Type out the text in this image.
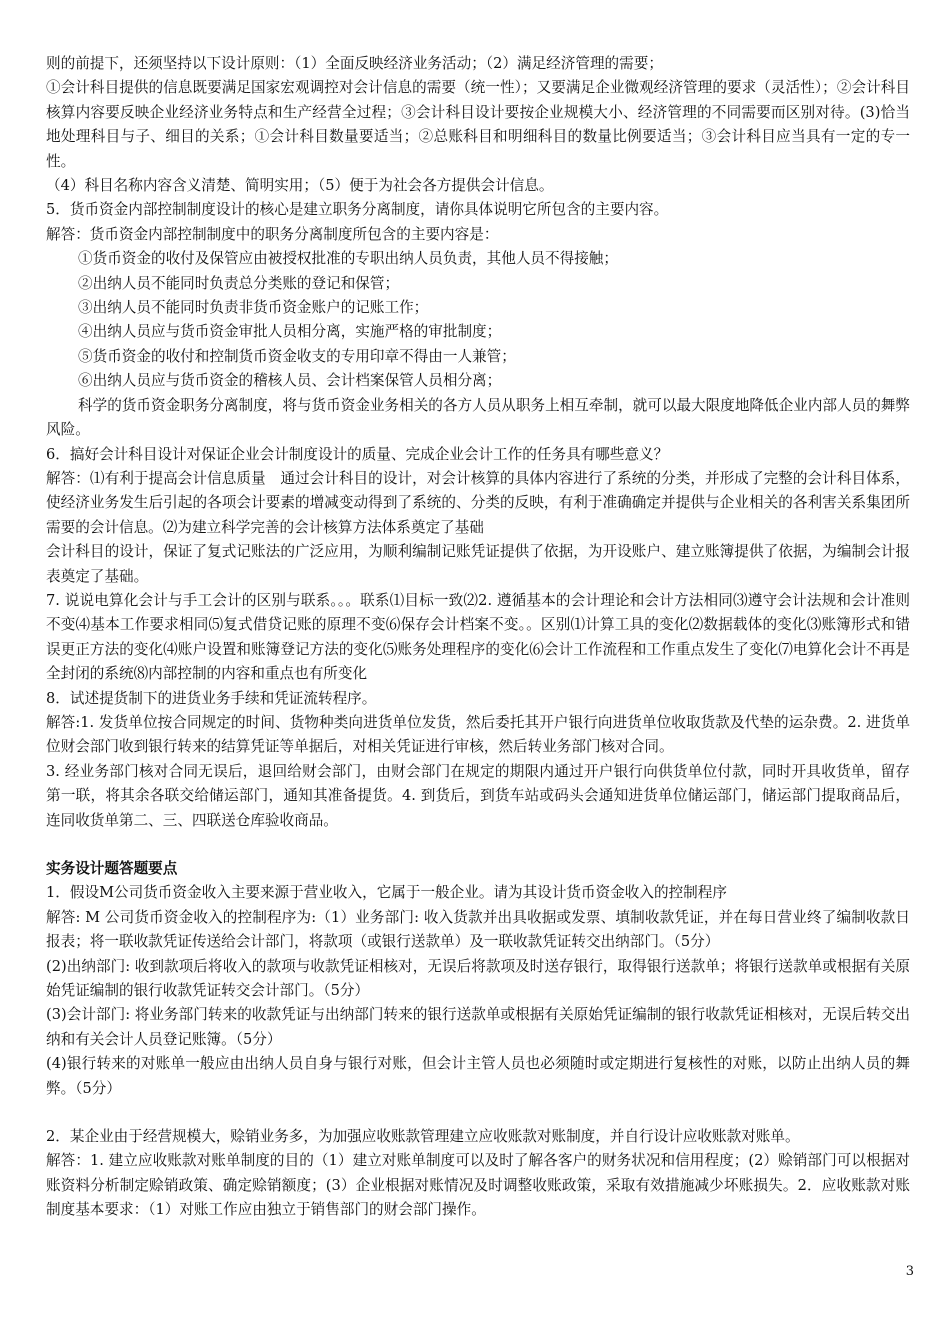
则的前提下，还须坚持以下设计原则：（1）全面反映经济业务活动；（2）满足经济管理的需要；

①会计科目提供的信息既要满足国家宏观调控对会计信息的需要（统一性）；又要满足企业微观经济管理的要求（灵活性）；②会计科目核算内容要反映企业经济业务特点和生产经营全过程；③会计科目设计要按企业规模大小、经济管理的不同需要而区别对待。(3)恰当地处理科目与子、细目的关系；①会计科目数量要适当；②总账科目和明细科目的数量比例要适当；③会计科目应当具有一定的专一性。

（4）科目名称内容含义清楚、简明实用；（5）便于为社会各方提供会计信息。

5．货币资金内部控制制度设计的核心是建立职务分离制度，请你具体说明它所包含的主要内容。

解答：货币资金内部控制制度中的职务分离制度所包含的主要内容是：

①货币资金的收付及保管应由被授权批准的专职出纳人员负责，其他人员不得接触；

②出纳人员不能同时负责总分类账的登记和保管；

③出纳人员不能同时负责非货币资金账户的记账工作；

④出纳人员应与货币资金审批人员相分离，实施严格的审批制度；

⑤货币资金的收付和控制货币资金收支的专用印章不得由一人兼管；

⑥出纳人员应与货币资金的稽核人员、会计档案保管人员相分离；

科学的货币资金职务分离制度，将与货币资金业务相关的各方人员从职务上相互牵制，就可以最大限度地降低企业内部人员的舞弊风险。

6．搞好会计科目设计对保证企业会计制度设计的质量、完成企业会计工作的任务具有哪些意义？

解答：⑴有利于提高会计信息质量　通过会计科目的设计，对会计核算的具体内容进行了系统的分类，并形成了完整的会计科目体系，使经济业务发生后引起的各项会计要素的增减变动得到了系统的、分类的反映，有利于准确确定并提供与企业相关的各利害关系集团所需要的会计信息。⑵为建立科学完善的会计核算方法体系奠定了基础

会计科目的设计，保证了复式记账法的广泛应用，为顺利编制记账凭证提供了依据，为开设账户、建立账簿提供了依据，为编制会计报表奠定了基础。

7. 说说电算化会计与手工会计的区别与联系。。。联系⑴目标一致⑵2. 遵循基本的会计理论和会计方法相同⑶遵守会计法规和会计准则不变⑷基本工作要求相同⑸复式借贷记账的原理不变⑹保存会计档案不变。。区别⑴计算工具的变化⑵数据载体的变化⑶账簿形式和错误更正方法的变化⑷账户设置和账簿登记方法的变化⑸账务处理程序的变化⑹会计工作流程和工作重点发生了变化⑺电算化会计不再是全封闭的系统⑻内部控制的内容和重点也有所变化

8．试述提货制下的进货业务手续和凭证流转程序。

解答:1. 发货单位按合同规定的时间、货物种类向进货单位发货，然后委托其开户银行向进货单位收取货款及代垫的运杂费。2. 进货单位财会部门收到银行转来的结算凭证等单据后，对相关凭证进行审核，然后转业务部门核对合同。

3. 经业务部门核对合同无误后，退回给财会部门，由财会部门在规定的期限内通过开户银行向供货单位付款，同时开具收货单，留存第一联，将其余各联交给储运部门，通知其准备提货。4. 到货后，到货车站或码头会通知进货单位储运部门，储运部门提取商品后，连同收货单第二、三、四联送仓库验收商品。

实务设计题答题要点

1．假设M公司货币资金收入主要来源于营业收入，它属于一般企业。请为其设计货币资金收入的控制程序

解答: M 公司货币资金收入的控制程序为:（1）业务部门: 收入货款并出具收据或发票、填制收款凭证，并在每日营业终了编制收款日报表；将一联收款凭证传送给会计部门，将款项（或银行送款单）及一联收款凭证转交出纳部门。（5分）

(2)出纳部门: 收到款项后将收入的款项与收款凭证相核对，无误后将款项及时送存银行，取得银行送款单；将银行送款单或根据有关原始凭证编制的银行收款凭证转交会计部门。（5分）

(3)会计部门: 将业务部门转来的收款凭证与出纳部门转来的银行送款单或根据有关原始凭证编制的银行收款凭证相核对，无误后转交出纳和有关会计人员登记账簿。（5分）

(4)银行转来的对账单一般应由出纳人员自身与银行对账，但会计主管人员也必须随时或定期进行复核性的对账，以防止出纳人员的舞弊。（5分）

2．某企业由于经营规模大，赊销业务多，为加强应收账款管理建立应收账款对账制度，并自行设计应收账款对账单。

解答：1. 建立应收账款对账单制度的目的（1）建立对账单制度可以及时了解各客户的财务状况和信用程度；(2）赊销部门可以根据对账资料分析制定赊销政策、确定赊销额度；(3）企业根据对账情况及时调整收账政策，采取有效措施减少坏账损失。2．应收账款对账制度基本要求：（1）对账工作应由独立于销售部门的财会部门操作。

3
